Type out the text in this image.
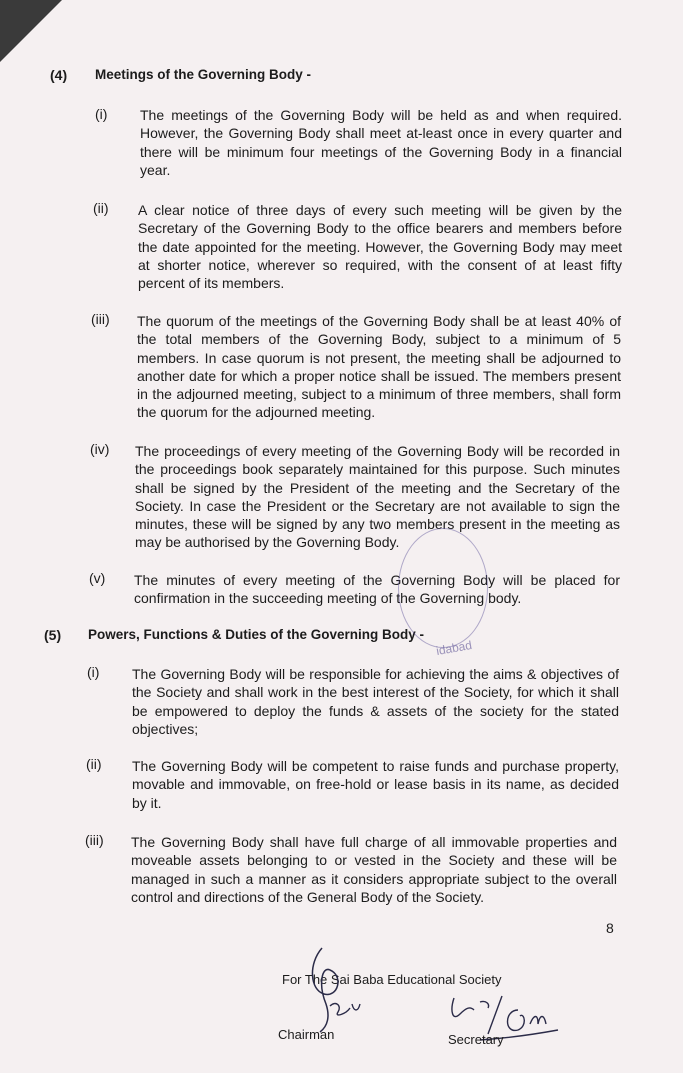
(4) Meetings of the Governing Body -
(i) The meetings of the Governing Body will be held as and when required. However, the Governing Body shall meet at-least once in every quarter and there will be minimum four meetings of the Governing Body in a financial year.

(ii) A clear notice of three days of every such meeting will be given by the Secretary of the Governing Body to the office bearers and members before the date appointed for the meeting. However, the Governing Body may meet at shorter notice, wherever so required, with the consent of at least fifty percent of its members.

(iii) The quorum of the meetings of the Governing Body shall be at least 40% of the total members of the Governing Body, subject to a minimum of 5 members. In case quorum is not present, the meeting shall be adjourned to another date for which a proper notice shall be issued. The members present in the adjourned meeting, subject to a minimum of three members, shall form the quorum for the adjourned meeting.

(iv) The proceedings of every meeting of the Governing Body will be recorded in the proceedings book separately maintained for this purpose. Such minutes shall be signed by the President of the meeting and the Secretary of the Society. In case the President or the Secretary are not available to sign the minutes, these will be signed by any two members present in the meeting as may be authorised by the Governing Body.

(v) The minutes of every meeting of the Governing Body will be placed for confirmation in the succeeding meeting of the Governing body.

(5) Powers, Functions & Duties of the Governing Body -
(i) The Governing Body will be responsible for achieving the aims & objectives of the Society and shall work in the best interest of the Society, for which it shall be empowered to deploy the funds & assets of the society for the stated objectives;

(ii) The Governing Body will be competent to raise funds and purchase property, movable and immovable, on free-hold or lease basis in its name, as decided by it.

(iii) The Governing Body shall have full charge of all immovable properties and moveable assets belonging to or vested in the Society and these will be managed in such a manner as it considers appropriate subject to the overall control and directions of the General Body of the Society.

idabad
8
For The Sai Baba Educational Society
Chairman	Secretary
